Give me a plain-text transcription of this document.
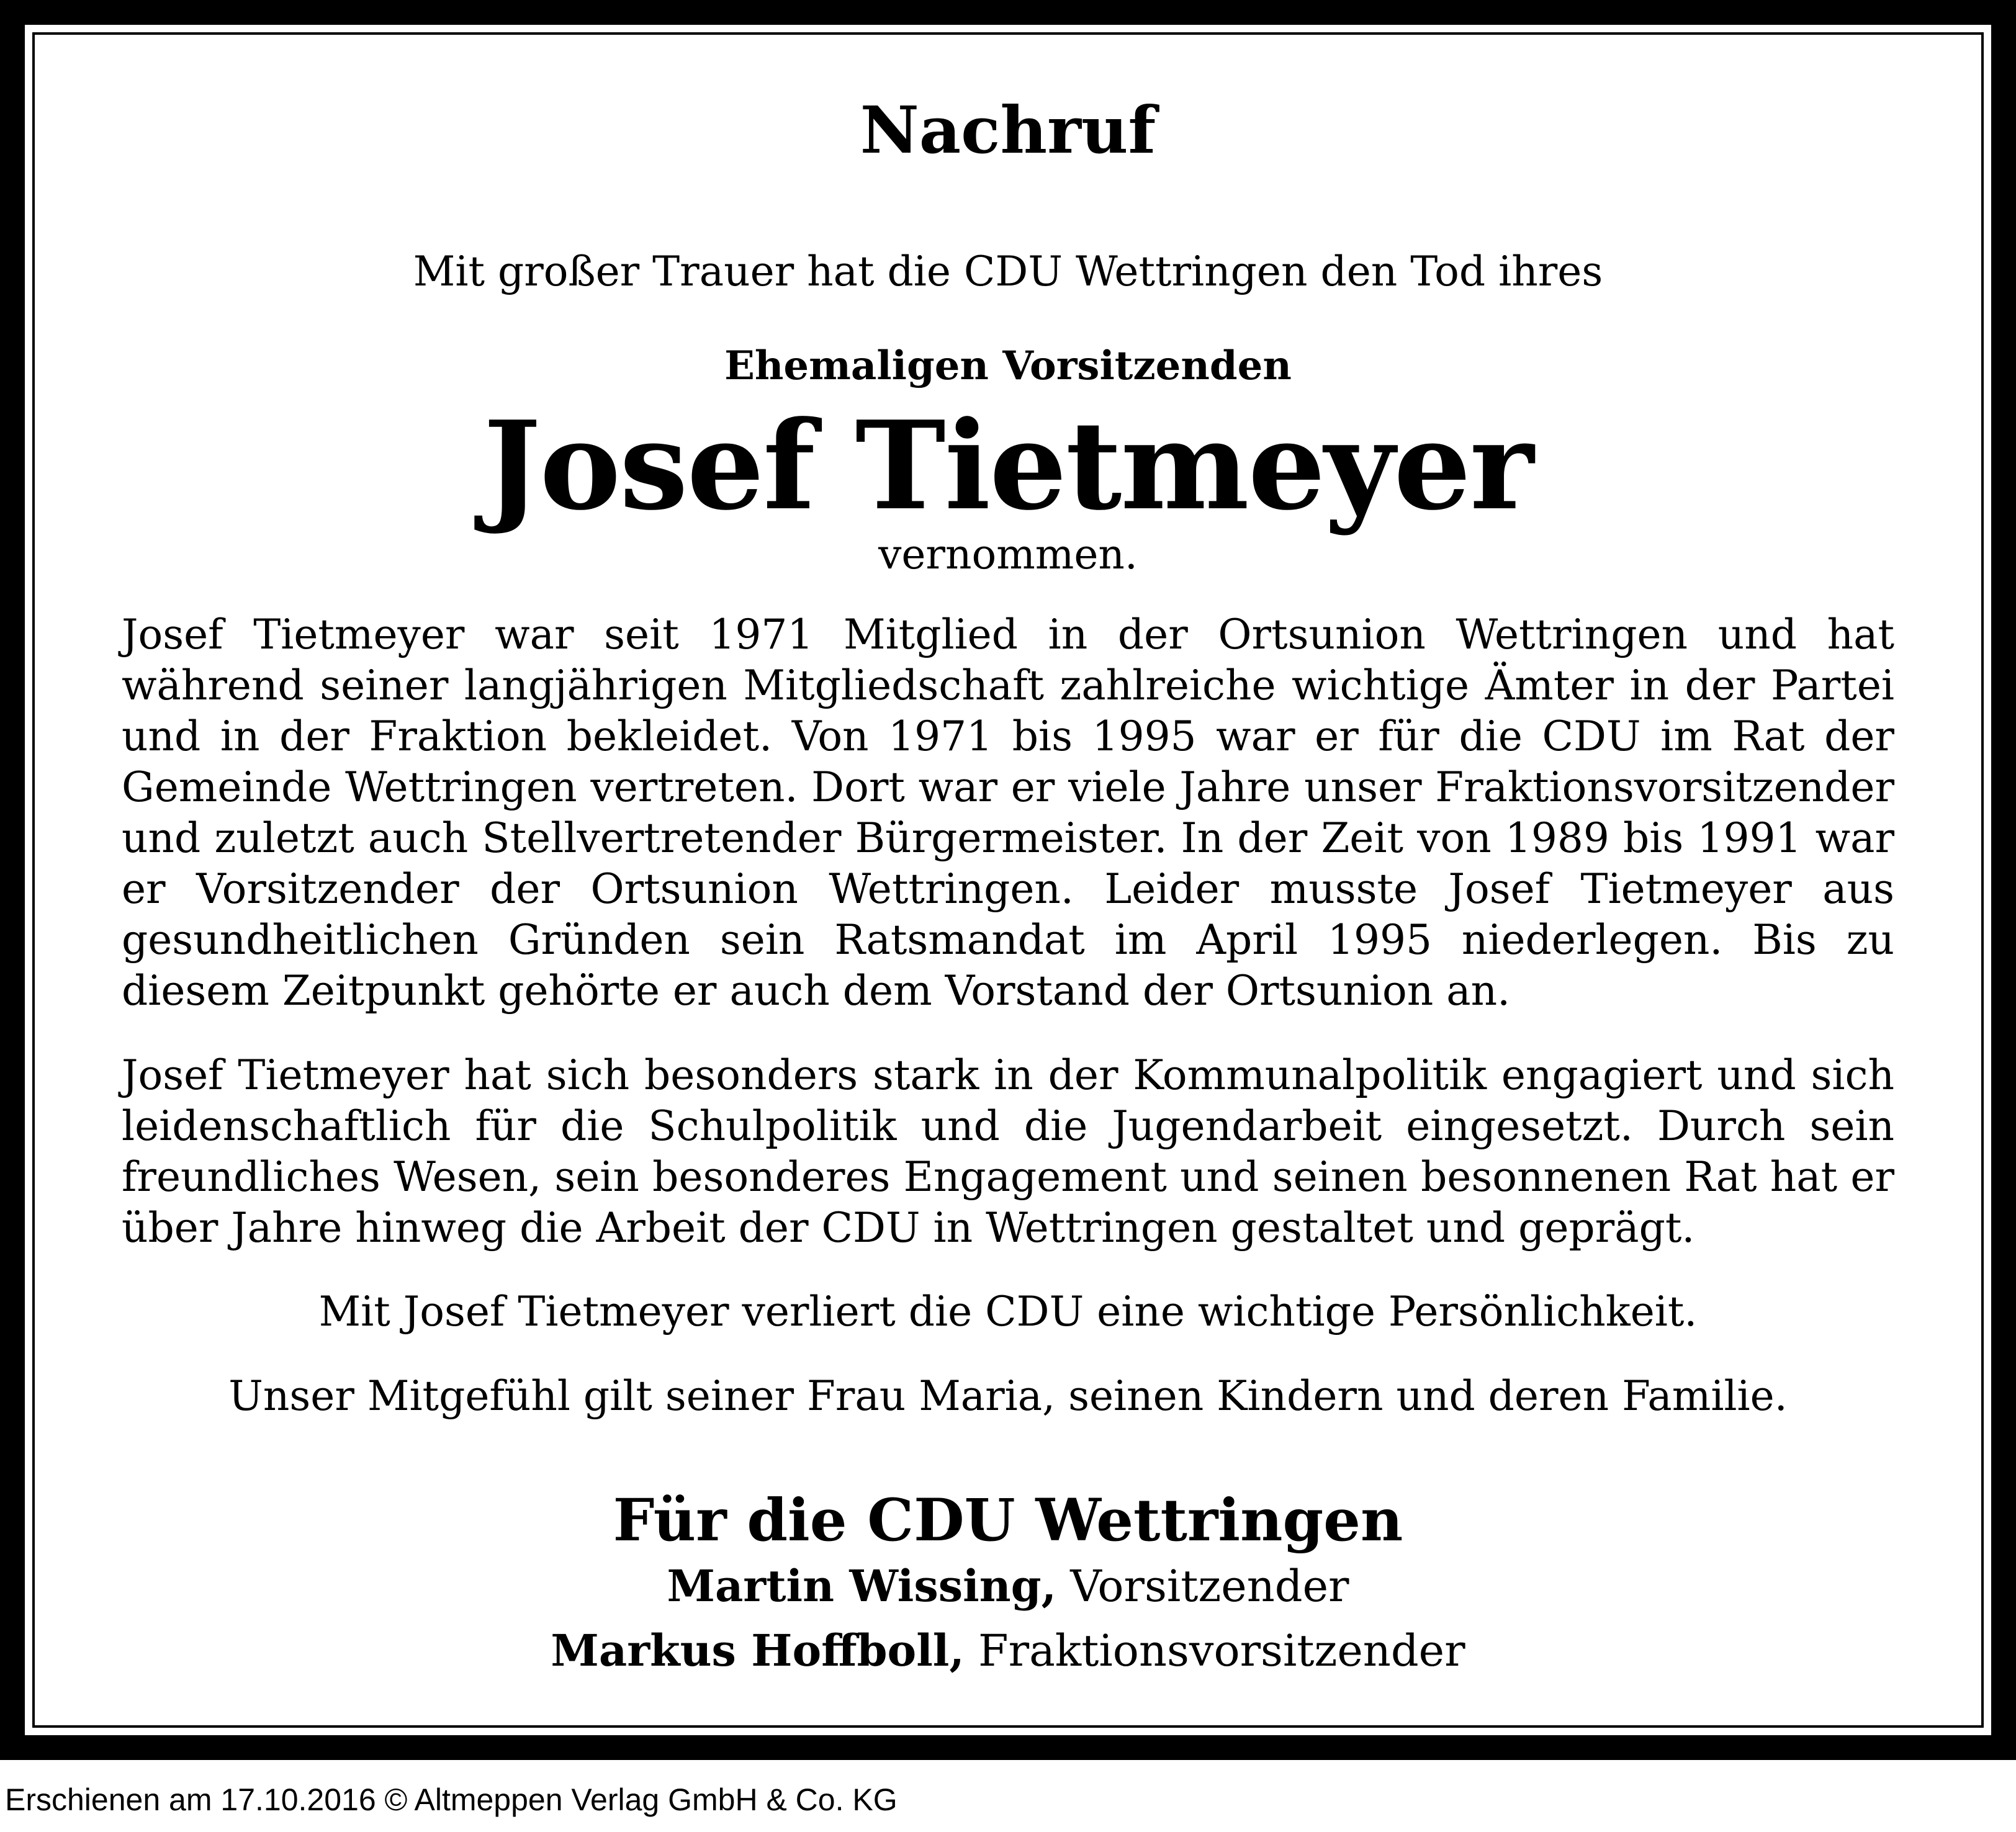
Nachruf

Mit großer Trauer hat die CDU Wettringen den Tod ihres

Ehemaligen Vorsitzenden

Josef Tietmeyer

vernommen.

Josef Tietmeyer war seit 1971 Mitglied in der Ortsunion Wettringen und hat während seiner langjährigen Mitgliedschaft zahlreiche wichtige Ämter in der Partei und in der Fraktion bekleidet. Von 1971 bis 1995 war er für die CDU im Rat der Gemeinde Wettringen vertreten. Dort war er viele Jahre unser Fraktionsvorsitzender und zuletzt auch Stellvertretender Bürgermeister. In der Zeit von 1989 bis 1991 war er Vorsitzender der Ortsunion Wettringen. Leider musste Josef Tietmeyer aus gesundheitlichen Gründen sein Ratsmandat im April 1995 niederlegen. Bis zu diesem Zeitpunkt gehörte er auch dem Vorstand der Ortsunion an.

Josef Tietmeyer hat sich besonders stark in der Kommunalpolitik engagiert und sich leidenschaftlich für die Schulpolitik und die Jugendarbeit eingesetzt. Durch sein freundliches Wesen, sein besonderes Engagement und seinen besonnenen Rat hat er über Jahre hinweg die Arbeit der CDU in Wettringen gestaltet und geprägt.

Mit Josef Tietmeyer verliert die CDU eine wichtige Persönlichkeit.

Unser Mitgefühl gilt seiner Frau Maria, seinen Kindern und deren Familie.

Für die CDU Wettringen

Martin Wissing, Vorsitzender
Markus Hoffboll, Fraktionsvorsitzender
Erschienen am 17.10.2016 © Altmeppen Verlag GmbH & Co. KG
